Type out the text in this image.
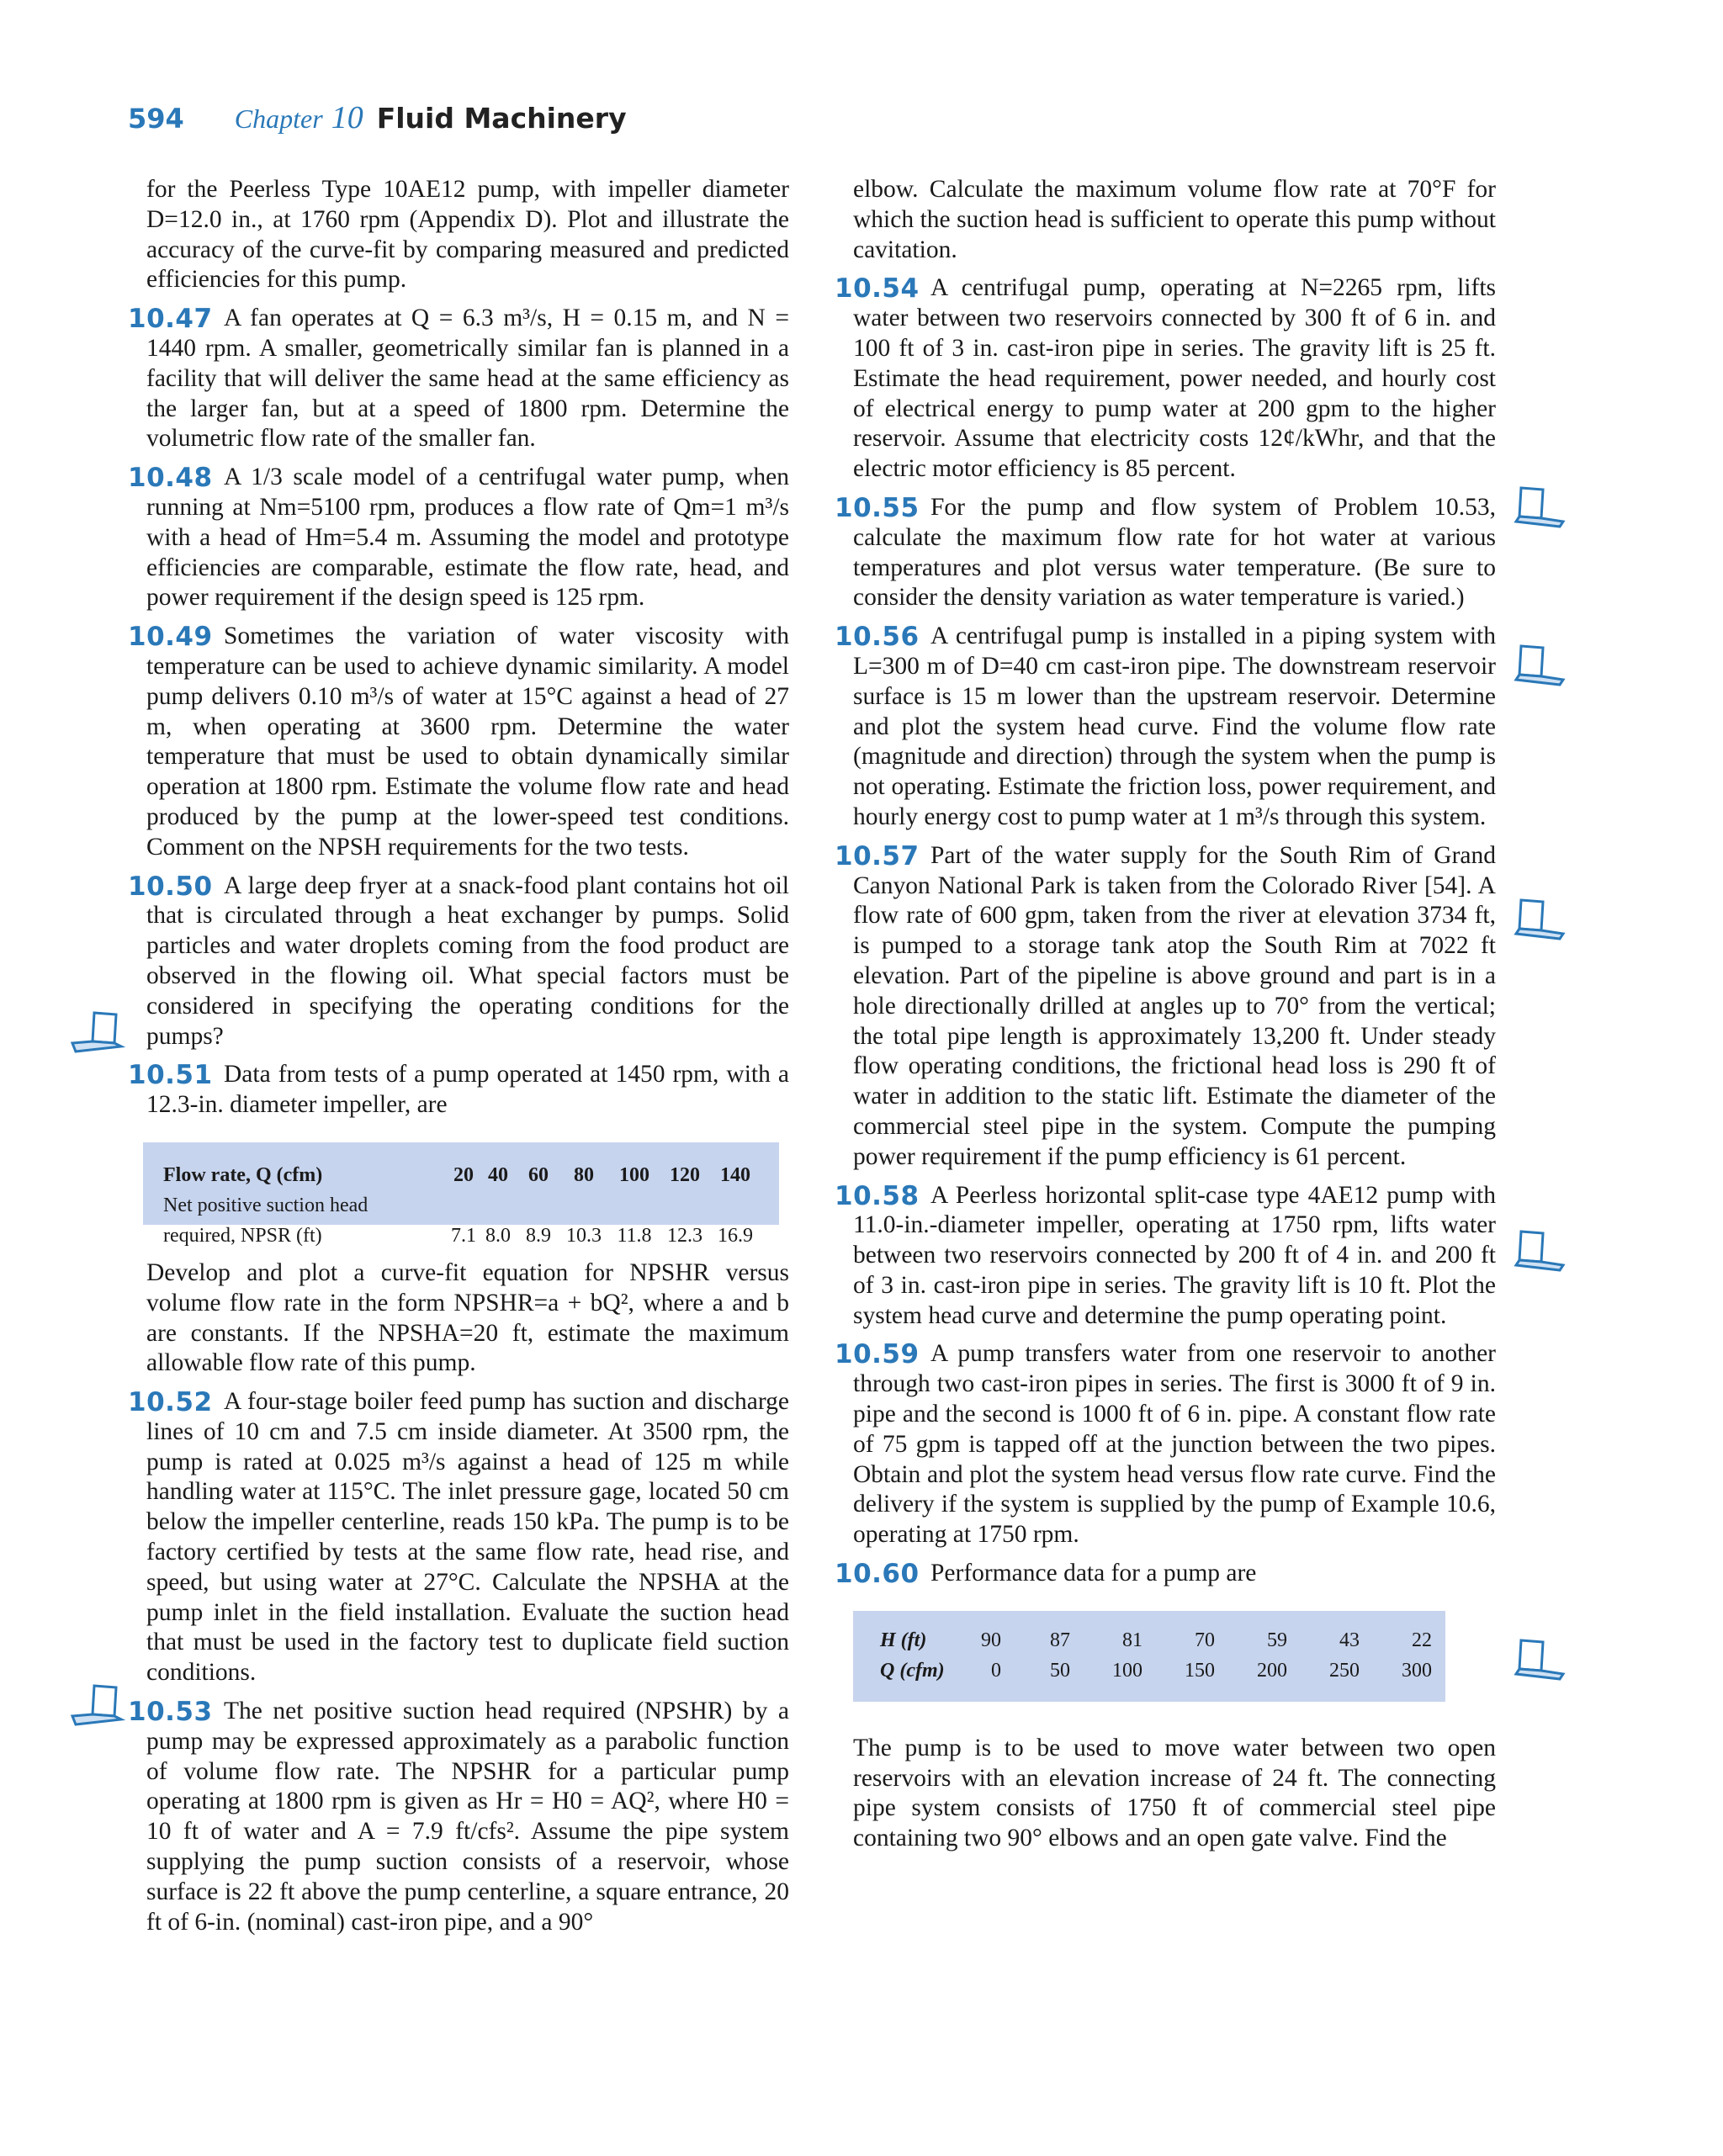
594 Chapter 10 Fluid Machinery

for the Peerless Type 10AE12 pump, with impeller diameter D=12.0 in., at 1760 rpm (Appendix D). Plot and illustrate the accuracy of the curve-fit by comparing measured and predicted efficiencies for this pump.

10.47 A fan operates at Q = 6.3 m³/s, H = 0.15 m, and N = 1440 rpm. A smaller, geometrically similar fan is planned in a facility that will deliver the same head at the same efficiency as the larger fan, but at a speed of 1800 rpm. Determine the volumetric flow rate of the smaller fan.

10.48 A 1/3 scale model of a centrifugal water pump, when running at Nm=5100 rpm, produces a flow rate of Qm=1 m³/s with a head of Hm=5.4 m. Assuming the model and prototype efficiencies are comparable, estimate the flow rate, head, and power requirement if the design speed is 125 rpm.

10.49 Sometimes the variation of water viscosity with temperature can be used to achieve dynamic similarity. A model pump delivers 0.10 m³/s of water at 15°C against a head of 27 m, when operating at 3600 rpm. Determine the water temperature that must be used to obtain dynamically similar operation at 1800 rpm. Estimate the volume flow rate and head produced by the pump at the lower-speed test conditions. Comment on the NPSH requirements for the two tests.

10.50 A large deep fryer at a snack-food plant contains hot oil that is circulated through a heat exchanger by pumps. Solid particles and water droplets coming from the food product are observed in the flowing oil. What special factors must be considered in specifying the operating conditions for the pumps?

10.51 Data from tests of a pump operated at 1450 rpm, with a 12.3-in. diameter impeller, are

Flow rate, Q (cfm)	20	40	60	80	100	120	140
Net positive suction head							
required, NPSR (ft)	7.1	8.0	8.9	10.3	11.8	12.3	16.9

Develop and plot a curve-fit equation for NPSHR versus volume flow rate in the form NPSHR=a + bQ², where a and b are constants. If the NPSHA=20 ft, estimate the maximum allowable flow rate of this pump.

10.52 A four-stage boiler feed pump has suction and discharge lines of 10 cm and 7.5 cm inside diameter. At 3500 rpm, the pump is rated at 0.025 m³/s against a head of 125 m while handling water at 115°C. The inlet pressure gage, located 50 cm below the impeller centerline, reads 150 kPa. The pump is to be factory certified by tests at the same flow rate, head rise, and speed, but using water at 27°C. Calculate the NPSHA at the pump inlet in the field installation. Evaluate the suction head that must be used in the factory test to duplicate field suction conditions.

10.53 The net positive suction head required (NPSHR) by a pump may be expressed approximately as a parabolic function of volume flow rate. The NPSHR for a particular pump operating at 1800 rpm is given as Hr = H0 = AQ², where H0 = 10 ft of water and A = 7.9 ft/cfs². Assume the pipe system supplying the pump suction consists of a reservoir, whose surface is 22 ft above the pump centerline, a square entrance, 20 ft of 6-in. (nominal) cast-iron pipe, and a 90°

elbow. Calculate the maximum volume flow rate at 70°F for which the suction head is sufficient to operate this pump without cavitation.

10.54 A centrifugal pump, operating at N=2265 rpm, lifts water between two reservoirs connected by 300 ft of 6 in. and 100 ft of 3 in. cast-iron pipe in series. The gravity lift is 25 ft. Estimate the head requirement, power needed, and hourly cost of electrical energy to pump water at 200 gpm to the higher reservoir. Assume that electricity costs 12¢/kWhr, and that the electric motor efficiency is 85 percent.

10.55 For the pump and flow system of Problem 10.53, calculate the maximum flow rate for hot water at various temperatures and plot versus water temperature. (Be sure to consider the density variation as water temperature is varied.)

10.56 A centrifugal pump is installed in a piping system with L=300 m of D=40 cm cast-iron pipe. The downstream reservoir surface is 15 m lower than the upstream reservoir. Determine and plot the system head curve. Find the volume flow rate (magnitude and direction) through the system when the pump is not operating. Estimate the friction loss, power requirement, and hourly energy cost to pump water at 1 m³/s through this system.

10.57 Part of the water supply for the South Rim of Grand Canyon National Park is taken from the Colorado River [54]. A flow rate of 600 gpm, taken from the river at elevation 3734 ft, is pumped to a storage tank atop the South Rim at 7022 ft elevation. Part of the pipeline is above ground and part is in a hole directionally drilled at angles up to 70° from the vertical; the total pipe length is approximately 13,200 ft. Under steady flow operating conditions, the frictional head loss is 290 ft of water in addition to the static lift. Estimate the diameter of the commercial steel pipe in the system. Compute the pumping power requirement if the pump efficiency is 61 percent.

10.58 A Peerless horizontal split-case type 4AE12 pump with 11.0-in.-diameter impeller, operating at 1750 rpm, lifts water between two reservoirs connected by 200 ft of 4 in. and 200 ft of 3 in. cast-iron pipe in series. The gravity lift is 10 ft. Plot the system head curve and determine the pump operating point.

10.59 A pump transfers water from one reservoir to another through two cast-iron pipes in series. The first is 3000 ft of 9 in. pipe and the second is 1000 ft of 6 in. pipe. A constant flow rate of 75 gpm is tapped off at the junction between the two pipes. Obtain and plot the system head versus flow rate curve. Find the delivery if the system is supplied by the pump of Example 10.6, operating at 1750 rpm.

10.60 Performance data for a pump are

H (ft)	90	87	81	70	59	43	22
Q (cfm)	0	50	100	150	200	250	300

The pump is to be used to move water between two open reservoirs with an elevation increase of 24 ft. The connecting pipe system consists of 1750 ft of commercial steel pipe containing two 90° elbows and an open gate valve. Find the
